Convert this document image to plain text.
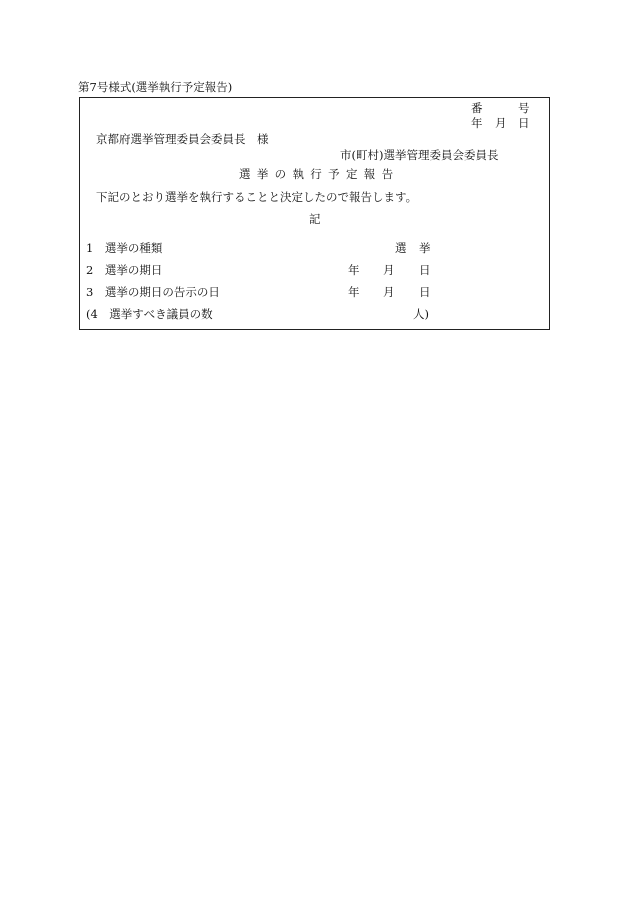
第7号様式(選挙執行予定報告)
番	号
年 月 日
京都府選挙管理委員会委員長　様
市(町村)選挙管理委員会委員長
選挙の執行予定報告
下記のとおり選挙を執行することと決定したので報告します。
記
1　選挙の種類	選 挙
2　選挙の期日	年 月 日
3　選挙の期日の告示の日	年 月 日
(4　選挙すべき議員の数	人)
